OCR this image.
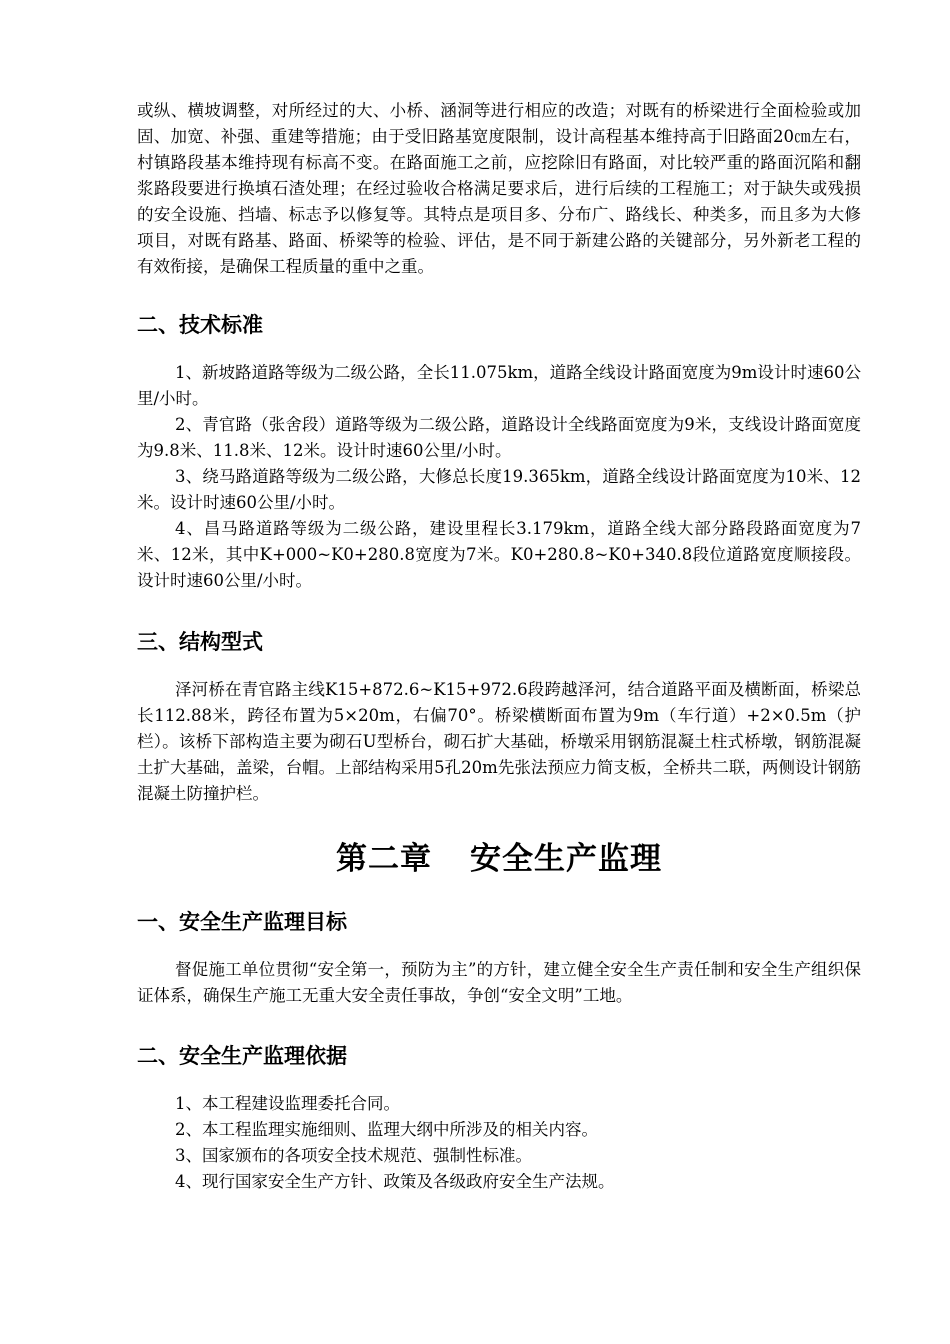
或纵、横坡调整，对所经过的大、小桥、涵洞等进行相应的改造；对既有的桥梁进行全面检验或加固、加宽、补强、重建等措施；由于受旧路基宽度限制，设计高程基本维持高于旧路面20㎝左右，村镇路段基本维持现有标高不变。在路面施工之前，应挖除旧有路面，对比较严重的路面沉陷和翻浆路段要进行换填石渣处理；在经过验收合格满足要求后，进行后续的工程施工；对于缺失或残损的安全设施、挡墙、标志予以修复等。其特点是项目多、分布广、路线长、种类多，而且多为大修项目，对既有路基、路面、桥梁等的检验、评估，是不同于新建公路的关键部分，另外新老工程的有效衔接，是确保工程质量的重中之重。

二、技术标准

1、新坡路道路等级为二级公路，全长11.075km，道路全线设计路面宽度为9m设计时速60公里/小时。

2、青官路（张舍段）道路等级为二级公路，道路设计全线路面宽度为9米，支线设计路面宽度为9.8米、11.8米、12米。设计时速60公里/小时。

3、绕马路道路等级为二级公路，大修总长度19.365km，道路全线设计路面宽度为10米、12米。设计时速60公里/小时。

4、昌马路道路等级为二级公路，建设里程长3.179km，道路全线大部分路段路面宽度为7米、12米，其中K+000~K0+280.8宽度为7米。K0+280.8~K0+340.8段位道路宽度顺接段。设计时速60公里/小时。

三、结构型式

泽河桥在青官路主线K15+872.6~K15+972.6段跨越泽河，结合道路平面及横断面，桥梁总长112.88米，跨径布置为5×20m，右偏70°。桥梁横断面布置为9m（车行道）+2×0.5m（护栏）。该桥下部构造主要为砌石U型桥台，砌石扩大基础，桥墩采用钢筋混凝土柱式桥墩，钢筋混凝土扩大基础，盖梁，台帽。上部结构采用5孔20m先张法预应力简支板，全桥共二联，两侧设计钢筋混凝土防撞护栏。

第二章 安全生产监理
一、安全生产监理目标

督促施工单位贯彻“安全第一，预防为主”的方针，建立健全安全生产责任制和安全生产组织保证体系，确保生产施工无重大安全责任事故，争创“安全文明”工地。

二、安全生产监理依据

1、本工程建设监理委托合同。

2、本工程监理实施细则、监理大纲中所涉及的相关内容。

3、国家颁布的各项安全技术规范、强制性标准。

4、现行国家安全生产方针、政策及各级政府安全生产法规。
